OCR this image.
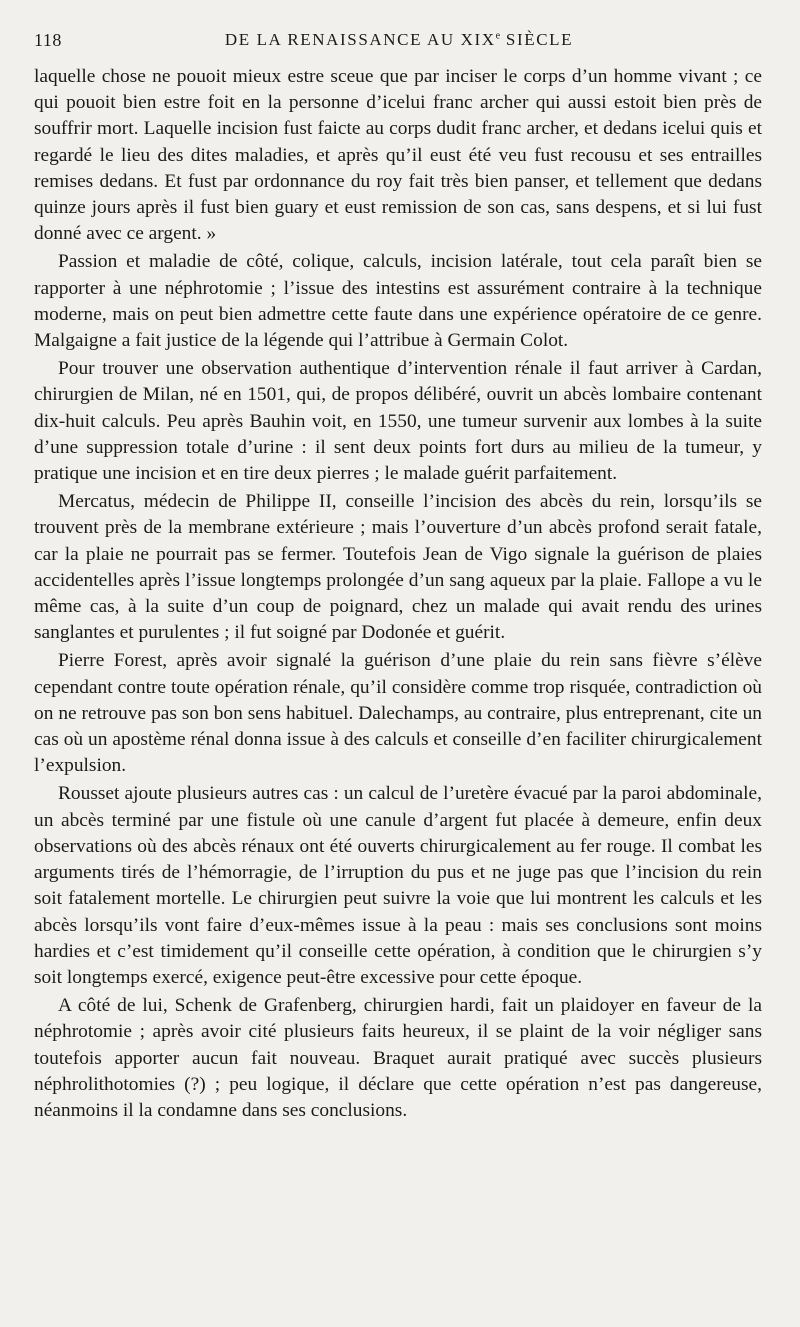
118	DE LA RENAISSANCE AU XIXe SIÈCLE

laquelle chose ne pouoit mieux estre sceue que par inciser le corps d’un homme vivant ; ce qui pouoit bien estre foit en la personne d’icelui franc archer qui aussi estoit bien près de souffrir mort. Laquelle incision fust faicte au corps dudit franc archer, et dedans icelui quis et regardé le lieu des dites maladies, et après qu’il eust été veu fust recousu et ses entrailles remises dedans. Et fust par ordonnance du roy fait très bien panser, et tellement que dedans quinze jours après il fust bien guary et eust remission de son cas, sans despens, et si lui fust donné avec ce argent. »

Passion et maladie de côté, colique, calculs, incision latérale, tout cela paraît bien se rapporter à une néphrotomie ; l’issue des intestins est assurément contraire à la technique moderne, mais on peut bien admettre cette faute dans une expérience opératoire de ce genre. Malgaigne a fait justice de la légende qui l’attribue à Germain Colot.

Pour trouver une observation authentique d’intervention rénale il faut arriver à Cardan, chirurgien de Milan, né en 1501, qui, de propos délibéré, ouvrit un abcès lombaire contenant dix-huit calculs. Peu après Bauhin voit, en 1550, une tumeur survenir aux lombes à la suite d’une suppression totale d’urine : il sent deux points fort durs au milieu de la tumeur, y pratique une incision et en tire deux pierres ; le malade guérit parfaitement.

Mercatus, médecin de Philippe II, conseille l’incision des abcès du rein, lorsqu’ils se trouvent près de la membrane extérieure ; mais l’ouverture d’un abcès profond serait fatale, car la plaie ne pourrait pas se fermer. Toutefois Jean de Vigo signale la guérison de plaies accidentelles après l’issue longtemps prolongée d’un sang aqueux par la plaie. Fallope a vu le même cas, à la suite d’un coup de poignard, chez un malade qui avait rendu des urines sanglantes et purulentes ; il fut soigné par Dodonée et guérit.

Pierre Forest, après avoir signalé la guérison d’une plaie du rein sans fièvre s’élève cependant contre toute opération rénale, qu’il considère comme trop risquée, contradiction où on ne retrouve pas son bon sens habituel. Dalechamps, au contraire, plus entreprenant, cite un cas où un apostème rénal donna issue à des calculs et conseille d’en faciliter chirurgicalement l’expulsion.

Rousset ajoute plusieurs autres cas : un calcul de l’uretère évacué par la paroi abdominale, un abcès terminé par une fistule où une canule d’argent fut placée à demeure, enfin deux observations où des abcès rénaux ont été ouverts chirurgicalement au fer rouge. Il combat les arguments tirés de l’hémorragie, de l’irruption du pus et ne juge pas que l’incision du rein soit fatalement mortelle. Le chirurgien peut suivre la voie que lui montrent les calculs et les abcès lorsqu’ils vont faire d’eux-mêmes issue à la peau : mais ses conclusions sont moins hardies et c’est timidement qu’il conseille cette opération, à condition que le chirurgien s’y soit longtemps exercé, exigence peut-être excessive pour cette époque.

A côté de lui, Schenk de Grafenberg, chirurgien hardi, fait un plaidoyer en faveur de la néphrotomie ; après avoir cité plusieurs faits heureux, il se plaint de la voir négliger sans toutefois apporter aucun fait nouveau. Braquet aurait pratiqué avec succès plusieurs néphrolithotomies (?) ; peu logique, il déclare que cette opération n’est pas dangereuse, néanmoins il la condamne dans ses conclusions.
